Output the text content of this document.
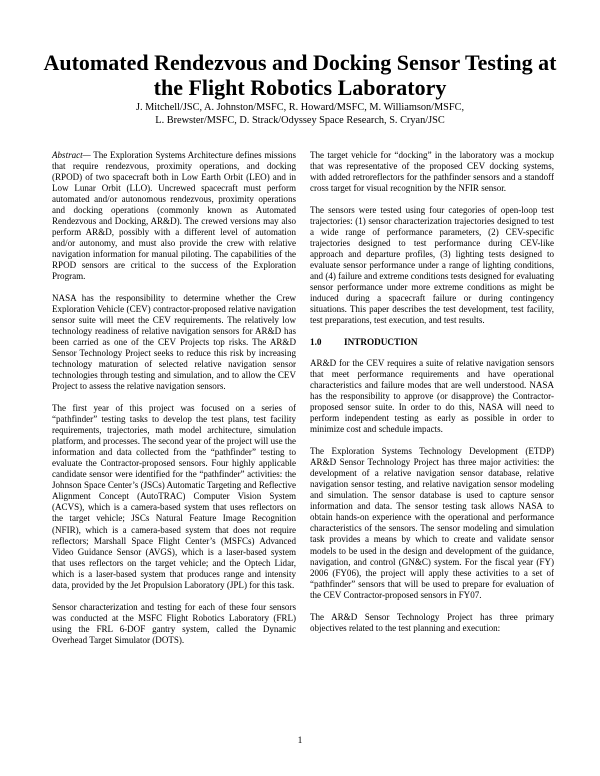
Automated Rendezvous and Docking Sensor Testing at the Flight Robotics Laboratory
J. Mitchell/JSC, A. Johnston/MSFC, R. Howard/MSFC, M. Williamson/MSFC,
L. Brewster/MSFC, D. Strack/Odyssey Space Research, S. Cryan/JSC

Abstract— The Exploration Systems Architecture defines missions that require rendezvous, proximity operations, and docking (RPOD) of two spacecraft both in Low Earth Orbit (LEO) and in Low Lunar Orbit (LLO). Uncrewed spacecraft must perform automated and/or autonomous rendezvous, proximity operations and docking operations (commonly known as Automated Rendezvous and Docking, AR&D). The crewed versions may also perform AR&D, possibly with a different level of automation and/or autonomy, and must also provide the crew with relative navigation information for manual piloting. The capabilities of the RPOD sensors are critical to the success of the Exploration Program.

NASA has the responsibility to determine whether the Crew Exploration Vehicle (CEV) contractor-proposed relative navigation sensor suite will meet the CEV requirements. The relatively low technology readiness of relative navigation sensors for AR&D has been carried as one of the CEV Projects top risks. The AR&D Sensor Technology Project seeks to reduce this risk by increasing technology maturation of selected relative navigation sensor technologies through testing and simulation, and to allow the CEV Project to assess the relative navigation sensors.

The first year of this project was focused on a series of “pathfinder” testing tasks to develop the test plans, test facility requirements, trajectories, math model architecture, simulation platform, and processes. The second year of the project will use the information and data collected from the “pathfinder” testing to evaluate the Contractor-proposed sensors. Four highly applicable candidate sensor were identified for the “pathfinder” activities: the Johnson Space Center’s (JSCs) Automatic Targeting and Reflective Alignment Concept (AutoTRAC) Computer Vision System (ACVS), which is a camera-based system that uses reflectors on the target vehicle; JSCs Natural Feature Image Recognition (NFIR), which is a camera-based system that does not require reflectors; Marshall Space Flight Center’s (MSFCs) Advanced Video Guidance Sensor (AVGS), which is a laser-based system that uses reflectors on the target vehicle; and the Optech Lidar, which is a laser-based system that produces range and intensity data, provided by the Jet Propulsion Laboratory (JPL) for this task.

Sensor characterization and testing for each of these four sensors was conducted at the MSFC Flight Robotics Laboratory (FRL) using the FRL 6-DOF gantry system, called the Dynamic Overhead Target Simulator (DOTS).

The target vehicle for “docking” in the laboratory was a mockup that was representative of the proposed CEV docking systems, with added retroreflectors for the pathfinder sensors and a standoff cross target for visual recognition by the NFIR sensor.

The sensors were tested using four categories of open-loop test trajectories: (1) sensor characterization trajectories designed to test a wide range of performance parameters, (2) CEV-specific trajectories designed to test performance during CEV-like approach and departure profiles, (3) lighting tests designed to evaluate sensor performance under a range of lighting conditions, and (4) failure and extreme conditions tests designed for evaluating sensor performance under more extreme conditions as might be induced during a spacecraft failure or during contingency situations. This paper describes the test development, test facility, test preparations, test execution, and test results.

1.0 INTRODUCTION

AR&D for the CEV requires a suite of relative navigation sensors that meet performance requirements and have operational characteristics and failure modes that are well understood. NASA has the responsibility to approve (or disapprove) the Contractor-proposed sensor suite. In order to do this, NASA will need to perform independent testing as early as possible in order to minimize cost and schedule impacts.

The Exploration Systems Technology Development (ETDP) AR&D Sensor Technology Project has three major activities: the development of a relative navigation sensor database, relative navigation sensor testing, and relative navigation sensor modeling and simulation. The sensor database is used to capture sensor information and data. The sensor testing task allows NASA to obtain hands-on experience with the operational and performance characteristics of the sensors. The sensor modeling and simulation task provides a means by which to create and validate sensor models to be used in the design and development of the guidance, navigation, and control (GN&C) system. For the fiscal year (FY) 2006 (FY06), the project will apply these activities to a set of “pathfinder” sensors that will be used to prepare for evaluation of the CEV Contractor-proposed sensors in FY07.

The AR&D Sensor Technology Project has three primary objectives related to the test planning and execution:

1
